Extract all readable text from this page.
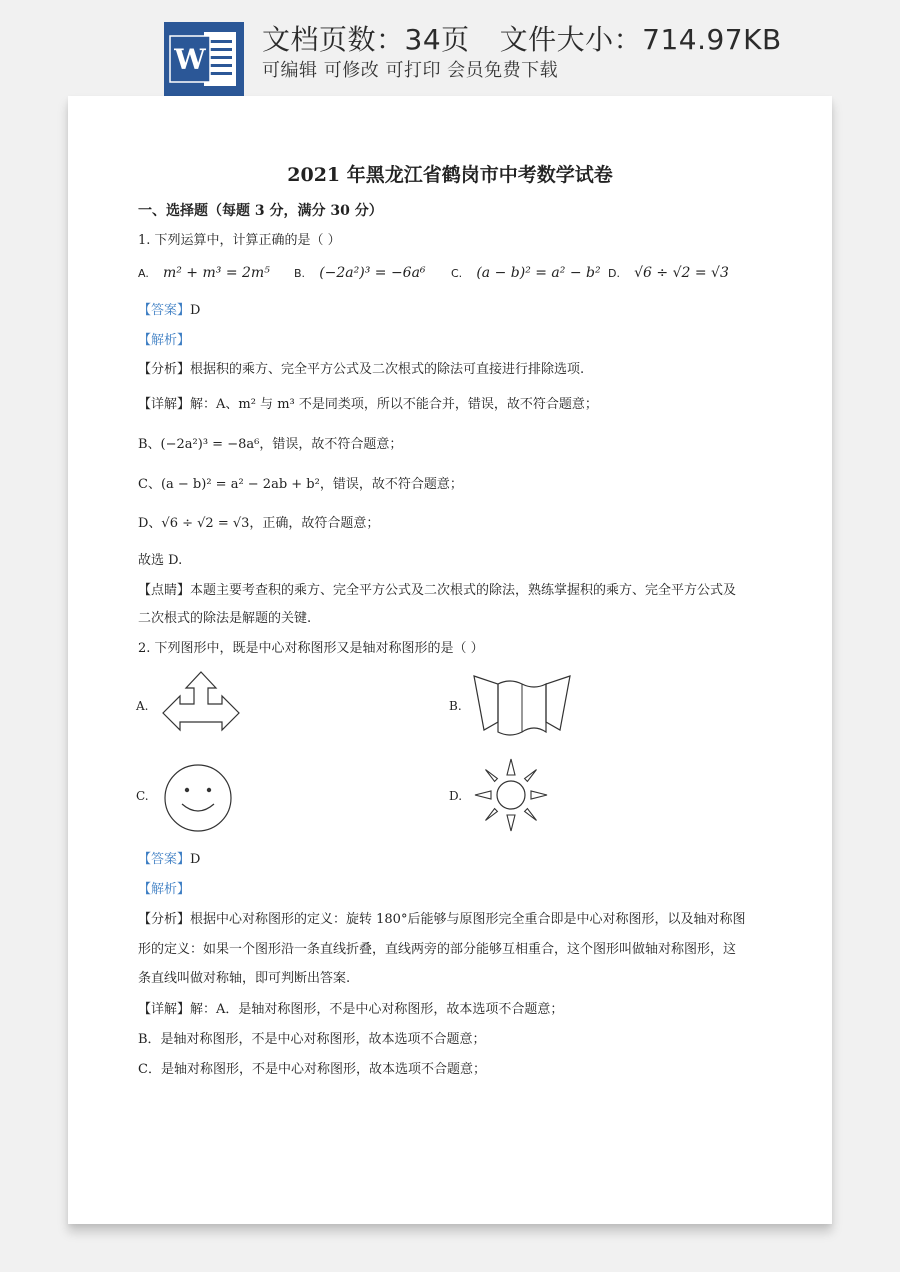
W
文档页数：34页 文件大小：714.97KB
可编辑 可修改 可打印 会员免费下载
2021 年黑龙江省鹤岗市中考数学试卷
一、选择题（每题 3 分，满分 30 分）
1. 下列运算中，计算正确的是（ ）
A. m² + m³ = 2m⁵ B. (−2a²)³ = −6a⁶ C. (a − b)² = a² − b² D. √6 ÷ √2 = √3
【答案】D
【解析】
【分析】根据积的乘方、完全平方公式及二次根式的除法可直接进行排除选项.
【详解】解：A、m² 与 m³ 不是同类项，所以不能合并，错误，故不符合题意；
B、(−2a²)³ = −8a⁶，错误，故不符合题意；
C、(a − b)² = a² − 2ab + b²，错误，故不符合题意；
D、√6 ÷ √2 = √3，正确，故符合题意；
故选 D.
【点睛】本题主要考查积的乘方、完全平方公式及二次根式的除法，熟练掌握积的乘方、完全平方公式及
二次根式的除法是解题的关键.
2. 下列图形中，既是中心对称图形又是轴对称图形的是（ ）
A.	B.
C.	D.
【答案】D
【解析】
【分析】根据中心对称图形的定义：旋转 180°后能够与原图形完全重合即是中心对称图形，以及轴对称图
形的定义：如果一个图形沿一条直线折叠，直线两旁的部分能够互相重合，这个图形叫做轴对称图形，这
条直线叫做对称轴，即可判断出答案.
【详解】解：A．是轴对称图形，不是中心对称图形，故本选项不合题意；
B．是轴对称图形，不是中心对称图形，故本选项不合题意；
C．是轴对称图形，不是中心对称图形，故本选项不合题意；
